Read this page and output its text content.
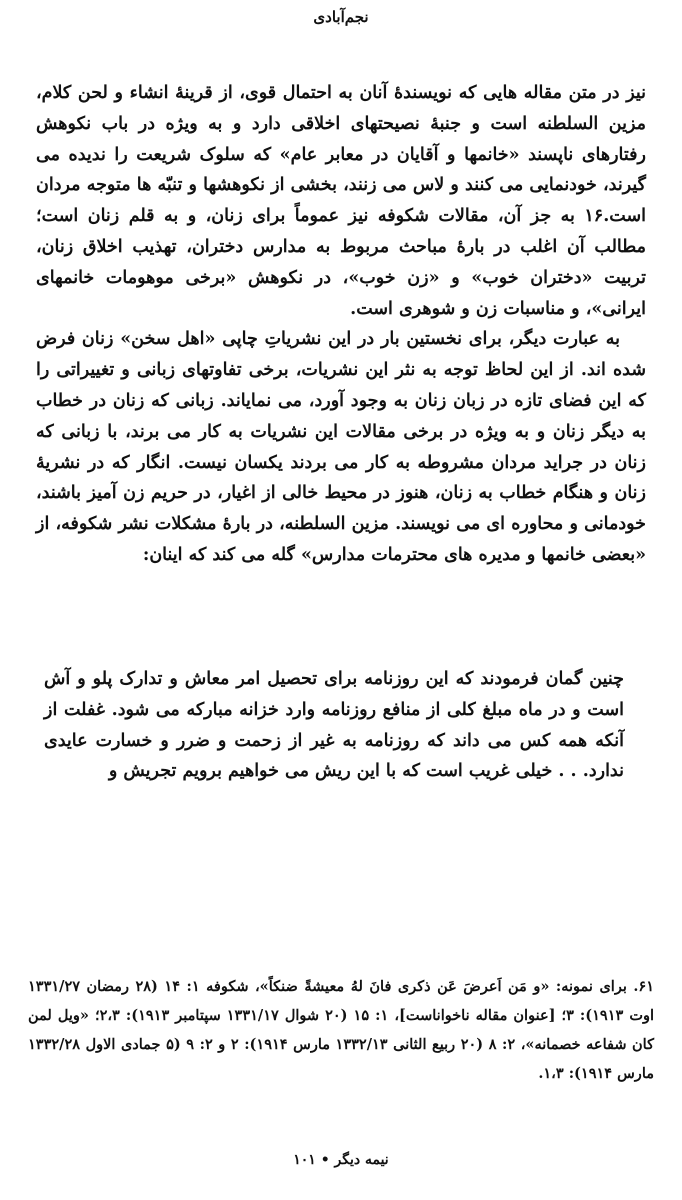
نجم‌آبادی

نیز در متن مقاله هایی که نویسندهٔ آنان به احتمال قوی، از قرینهٔ انشاء و لحن کلام، مزین السلطنه است و جنبهٔ نصیحتهای اخلاقی دارد و به ویژه در باب نکوهش رفتارهای ناپسند «خانمها و آقایان در معابر عام» که سلوک شریعت را ندیده می گیرند، خودنمایی می کنند و لاس می زنند، بخشی از نکوهشها و تنبّه ها متوجه مردان است.۱۶ به جز آن، مقالات شکوفه نیز عموماً برای زنان، و به قلم زنان است؛ مطالب آن اغلب در بارهٔ مباحث مربوط به مدارس دختران، تهذیب اخلاق زنان، تربیت «دختران خوب» و «زن خوب»، در نکوهش «برخی موهومات خانمهای ایرانی»، و مناسبات زن و شوهری است.

به عبارت دیگر، برای نخستین بار در این نشریاتِ چاپی «اهل سخن» زنان فرض شده اند. از این لحاظ توجه به نثر این نشریات، برخی تفاوتهای زبانی و تغییراتی را که این فضای تازه در زبان زنان به وجود آورد، می نمایاند. زبانی که زنان در خطاب به دیگر زنان و به ویژه در برخی مقالات این نشریات به کار می برند، با زبانی که زنان در جراید مردان مشروطه به کار می بردند یکسان نیست. انگار که در نشریهٔ زنان و هنگام خطاب به زنان، هنوز در محیط خالی از اغیار، در حریم زن آمیز باشند، خودمانی و محاوره ای می نویسند. مزین السلطنه، در بارهٔ مشکلات نشر شکوفه، از «بعضی خانمها و مدیره های محترمات مدارس» گله می کند که اینان:

چنین گمان فرمودند که این روزنامه برای تحصیل امر معاش و تدارک پلو و آش است و در ماه مبلغ کلی از منافع روزنامه وارد خزانه مبارکه می شود. غفلت از آنکه همه کس می داند که روزنامه به غیر از زحمت و ضرر و خسارت عایدی ندارد. . . خیلی غریب است که با این ریش می خواهیم برویم تجریش و

۶۱. برای نمونه: «و مَن اَعرضَ عَن ذکری فانَ لهُ معیشةً ضنکاً»، شکوفه ۱: ۱۴ (۲۸ رمضان ۱۳۳۱/۲۷ اوت ۱۹۱۳): ۳؛ [عنوان مقاله ناخواناست]، ۱: ۱۵ (۲۰ شوال ۱۳۳۱/۱۷ سپتامبر ۱۹۱۳): ۲،۳؛ «ویل لمن کان شفاعه خصمانه»، ۲: ۸ (۲۰ ربیع الثانی ۱۳۳۲/۱۳ مارس ۱۹۱۴): ۲ و ۲: ۹ (۵ جمادی الاول ۱۳۳۲/۲۸ مارس ۱۹۱۴): ۱،۳.

نیمه دیگر • ۱۰۱
